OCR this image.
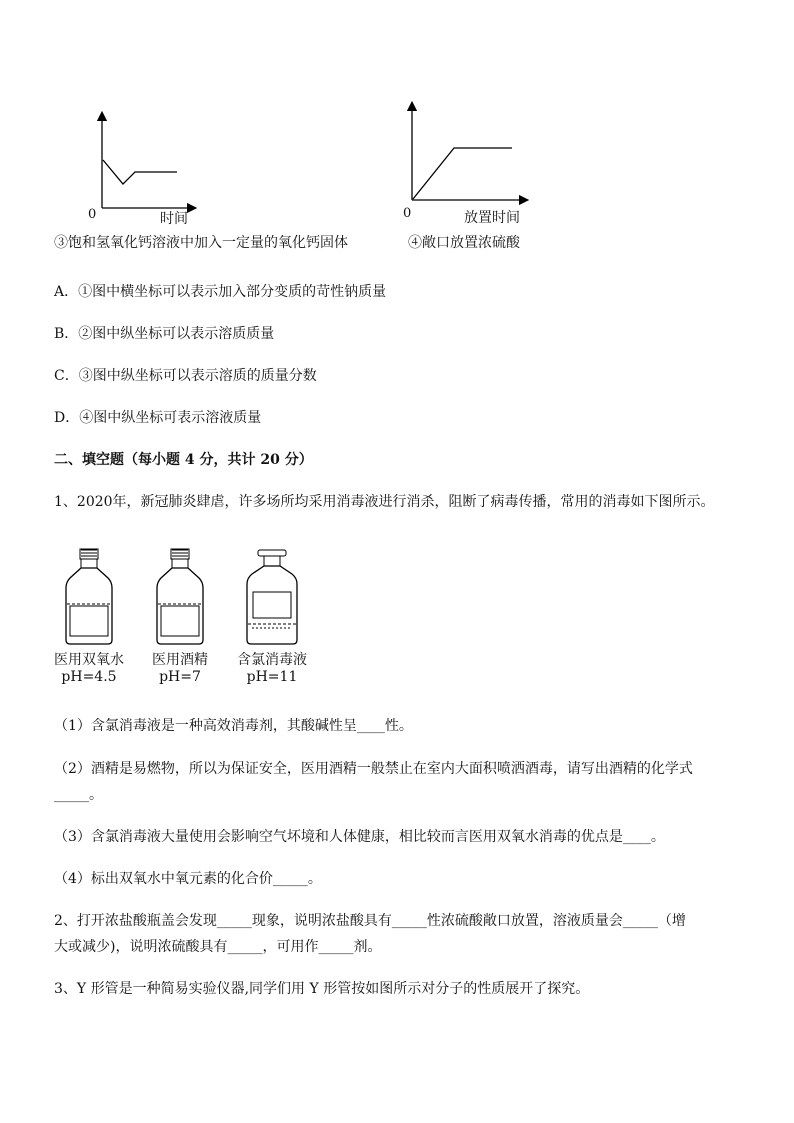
0	时间
③饱和氢氧化钙溶液中加入一定量的氧化钙固体
0	放置时间
④敞口放置浓硫酸
A．①图中横坐标可以表示加入部分变质的苛性钠质量
B．②图中纵坐标可以表示溶质质量
C．③图中纵坐标可以表示溶质的质量分数
D．④图中纵坐标可表示溶液质量
二、填空题（每小题 4 分，共计 20 分）
1、2020年，新冠肺炎肆虐，许多场所均采用消毒液进行消杀，阻断了病毒传播，常用的消毒如下图所示。
医用双氧水
pH=4.5
医用酒精
pH=7
含氯消毒液
pH=11
（1）含氯消毒液是一种高效消毒剂，其酸碱性呈____性。
（2）酒精是易燃物，所以为保证安全，医用酒精一般禁止在室内大面积喷洒酒毒，请写出酒精的化学式
_____。
（3）含氯消毒液大量使用会影响空气坏境和人体健康，相比较而言医用双氧水消毒的优点是____。
（4）标出双氧水中氧元素的化合价_____。
2、打开浓盐酸瓶盖会发现_____现象，说明浓盐酸具有_____性浓硫酸敞口放置，溶液质量会_____（增
大或减少)，说明浓硫酸具有_____，可用作_____剂。
3、Y 形管是一种简易实验仪器,同学们用 Y 形管按如图所示对分子的性质展开了探究。
